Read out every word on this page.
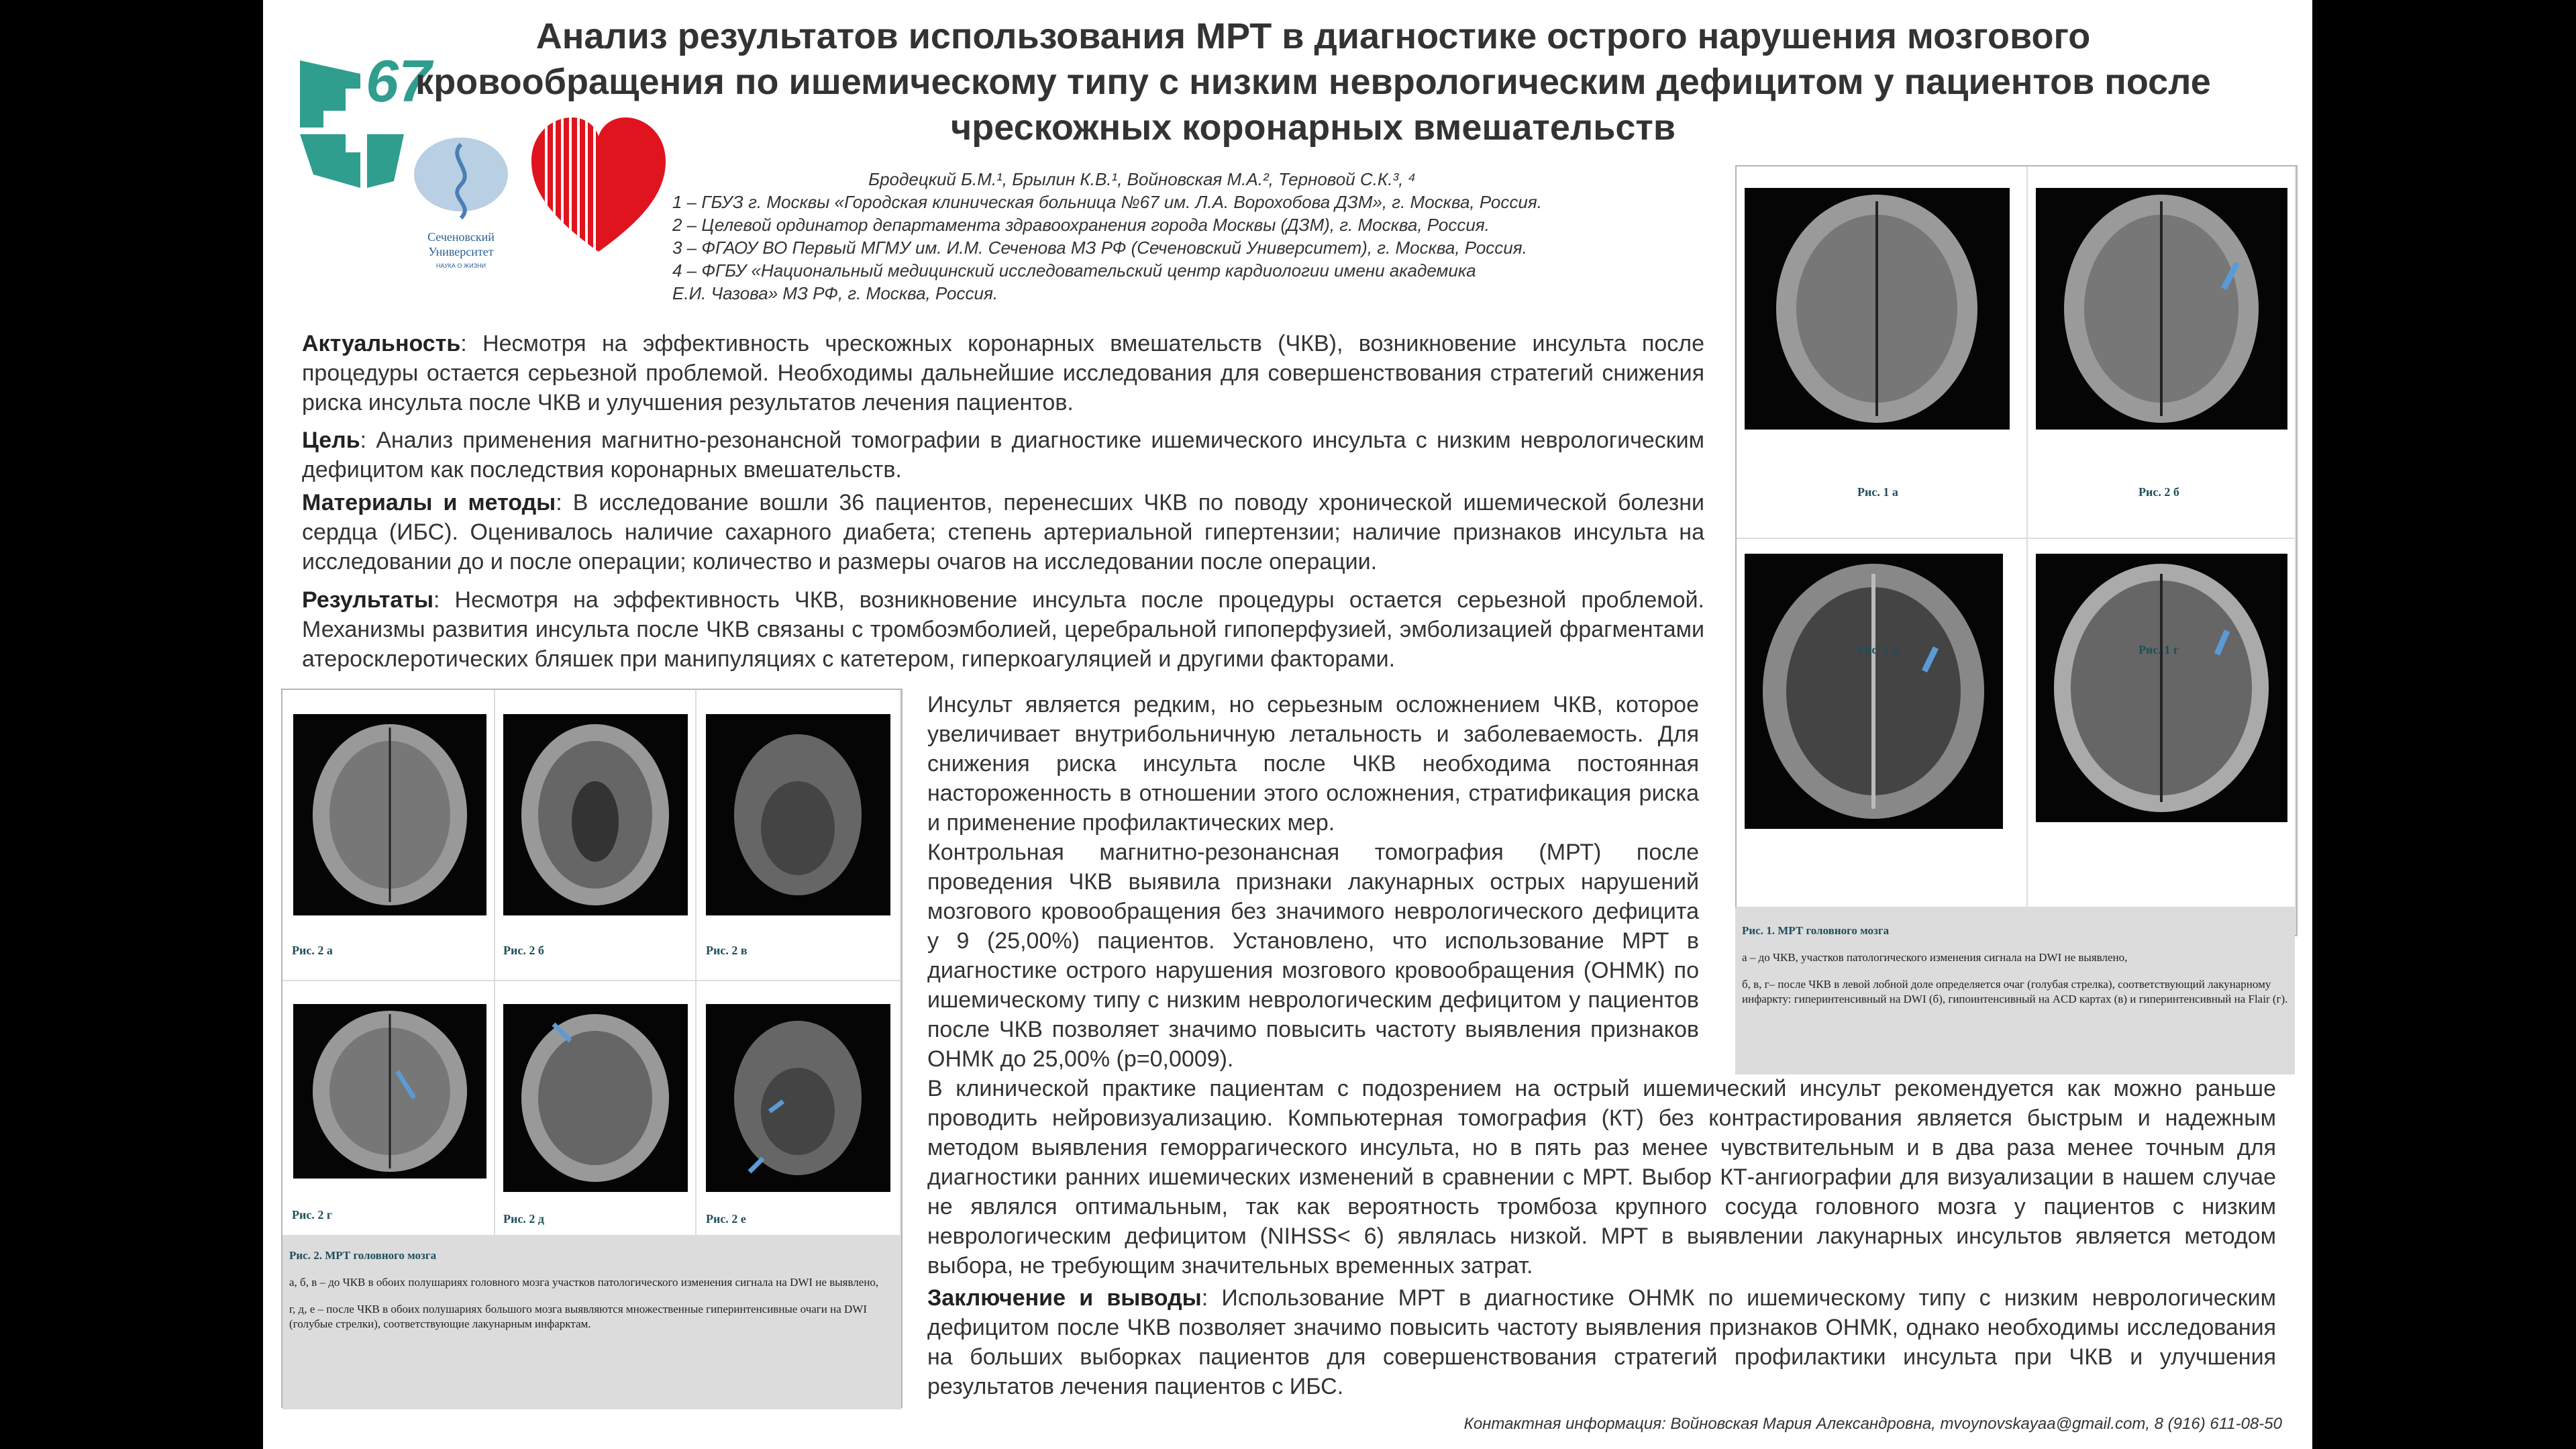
67
Сеченовский
Университет
НАУКА О ЖИЗНИ
Анализ результатов использования МРТ в диагностике острого нарушения мозгового кровообращения по ишемическому типу с низким неврологическим дефицитом у пациентов после чрескожных коронарных вмешательств
Бродецкий Б.М.¹, Брылин К.В.¹, Войновская М.А.², Терновой С.К.³, ⁴
1 – ГБУЗ г. Москвы «Городская клиническая больница №67 им. Л.А. Ворохобова ДЗМ», г. Москва, Россия.
2 – Целевой ординатор департамента здравоохранения города Москвы (ДЗМ), г. Москва, Россия.
3 – ФГАОУ ВО Первый МГМУ им. И.М. Сеченова МЗ РФ (Сеченовский Университет), г. Москва, Россия.
4 – ФГБУ «Национальный медицинский исследовательский центр кардиологии имени академика
Е.И. Чазова» МЗ РФ, г. Москва, Россия.
Актуальность: Несмотря на эффективность чрескожных коронарных вмешательств (ЧКВ), возникновение инсульта после процедуры остается серьезной проблемой. Необходимы дальнейшие исследования для совершенствования стратегий снижения риска инсульта после ЧКВ и улучшения результатов лечения пациентов.
Цель: Анализ применения магнитно-резонансной томографии в диагностике ишемического инсульта с низким неврологическим дефицитом как последствия коронарных вмешательств.
Материалы и методы: В исследование вошли 36 пациентов, перенесших ЧКВ по поводу хронической ишемической болезни сердца (ИБС). Оценивалось наличие сахарного диабета; степень артериальной гипертензии; наличие признаков инсульта на исследовании до и после операции; количество и размеры очагов на исследовании после операции.
Результаты: Несмотря на эффективность ЧКВ, возникновение инсульта после процедуры остается серьезной проблемой. Механизмы развития инсульта после ЧКВ связаны с тромбоэмболией, церебральной гипоперфузией, эмболизацией фрагментами атеросклеротических бляшек при манипуляциях с катетером, гиперкоагуляцией и другими факторами.
Инсульт является редким, но серьезным осложнением ЧКВ, которое увеличивает внутрибольничную летальность и заболеваемость. Для снижения риска инсульта после ЧКВ необходима постоянная настороженность в отношении этого осложнения, стратификация риска и применение профилактических мер.
Контрольная магнитно-резонансная томография (МРТ) после проведения ЧКВ выявила признаки лакунарных острых нарушений мозгового кровообращения без значимого неврологического дефицита у 9 (25,00%) пациентов. Установлено, что использование МРТ в диагностике острого нарушения мозгового кровообращения (ОНМК) по ишемическому типу с низким неврологическим дефицитом у пациентов после ЧКВ позволяет значимо повысить частоту выявления признаков ОНМК до 25,00% (p=0,0009).
В клинической практике пациентам с подозрением на острый ишемический инсульт рекомендуется как можно раньше проводить нейровизуализацию. Компьютерная томография (КТ) без контрастирования является быстрым и надежным методом выявления геморрагического инсульта, но в пять раз менее чувствительным и в два раза менее точным для диагностики ранних ишемических изменений в сравнении с МРТ. Выбор КТ-ангиографии для визуализации в нашем случае не являлся оптимальным, так как вероятность тромбоза крупного сосуда головного мозга у пациентов с низким неврологическим дефицитом (NIHSS< 6) являлась низкой. МРТ в выявлении лакунарных инсультов является методом выбора, не требующим значительных временных затрат.
Заключение и выводы: Использование МРТ в диагностике ОНМК по ишемическому типу с низким неврологическим дефицитом после ЧКВ позволяет значимо повысить частоту выявления признаков ОНМК, однако необходимы исследования на больших выборках пациентов для совершенствования стратегий профилактики инсульта при ЧКВ и улучшения результатов лечения пациентов с ИБС.
Рис. 1 а	Рис. 2 б
Рис. 1 в	Рис. 1 г
Рис. 1. МРТ головного мозга

а – до ЧКВ, участков патологического изменения сигнала на DWI не выявлено,

б, в, г– после ЧКВ в левой лобной доле определяется очаг (голубая стрелка), соответствующий лакунарному инфаркту: гиперинтенсивный на DWI (б), гипоинтенсивный на ACD картах (в) и гиперинтенсивный на Flair (г).

Рис. 2 а	Рис. 2 б	Рис. 2 в
Рис. 2 г	Рис. 2 д	Рис. 2 е
Рис. 2. МРТ головного мозга

а, б, в – до ЧКВ в обоих полушариях головного мозга участков патологического изменения сигнала на DWI не выявлено,

г, д, е – после ЧКВ в обоих полушариях большого мозга выявляются множественные гиперинтенсивные очаги на DWI (голубые стрелки), соответствующие лакунарным инфарктам.

Контактная информация: Войновская Мария Александровна, mvoynovskayaa@gmail.com, 8 (916) 611-08-50
